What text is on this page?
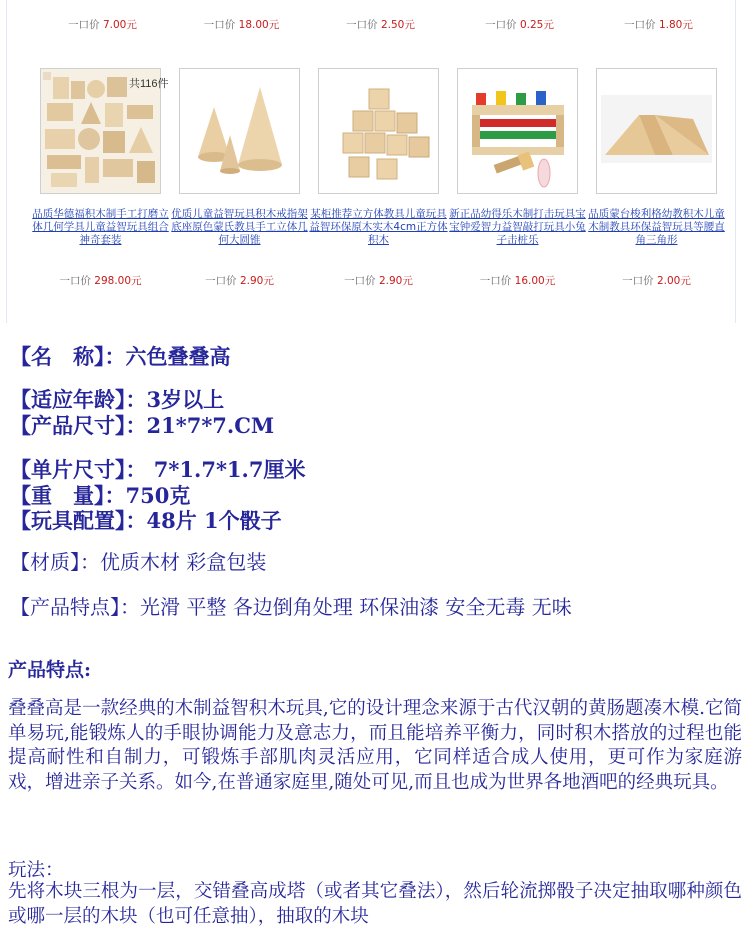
一口价 7.00元	一口价 18.00元	一口价 2.50元	一口价 0.25元	一口价 1.80元
共116件
品质华德福积木制手工打磨立体几何学具儿童益智玩具组合神奇套装
一口价 298.00元
优质儿童益智玩具积木戒指架底座原色蒙氏教具手工立体几何大圆锥
一口价 2.90元
某柜推荐立方体教具儿童玩具益智环保原木实木4cm正方体积木
一口价 2.90元
新正品幼得乐木制打击玩具宝宝钟爱智力益智敲打玩具小兔子击桩乐
一口价 16.00元
品质蒙台梭利格幼教积木儿童木制教具环保益智玩具等腰直角三角形
一口价 2.00元
【名　称】：六色叠叠高
【适应年龄】：3岁以上
【产品尺寸】：21*7*7.CM
【单片尺寸】： 7*1.7*1.7厘米
【重　量】：750克
【玩具配置】：48片 1个骰子
【材质】：优质木材 彩盒包装
【产品特点】：光滑 平整 各边倒角处理 环保油漆 安全无毒 无味
产品特点:
叠叠高是一款经典的木制益智积木玩具,它的设计理念来源于古代汉朝的黄肠题凑木模.它简单易玩,能锻炼人的手眼协调能力及意志力，而且能培养平衡力，同时积木搭放的过程也能提高耐性和自制力，可锻炼手部肌肉灵活应用，它同样适合成人使用，更可作为家庭游戏，增进亲子关系。如今,在普通家庭里,随处可见,而且也成为世界各地酒吧的经典玩具。
玩法：
先将木块三根为一层，交错叠高成塔（或者其它叠法），然后轮流掷骰子决定抽取哪种颜色或哪一层的木块（也可任意抽），抽取的木块
